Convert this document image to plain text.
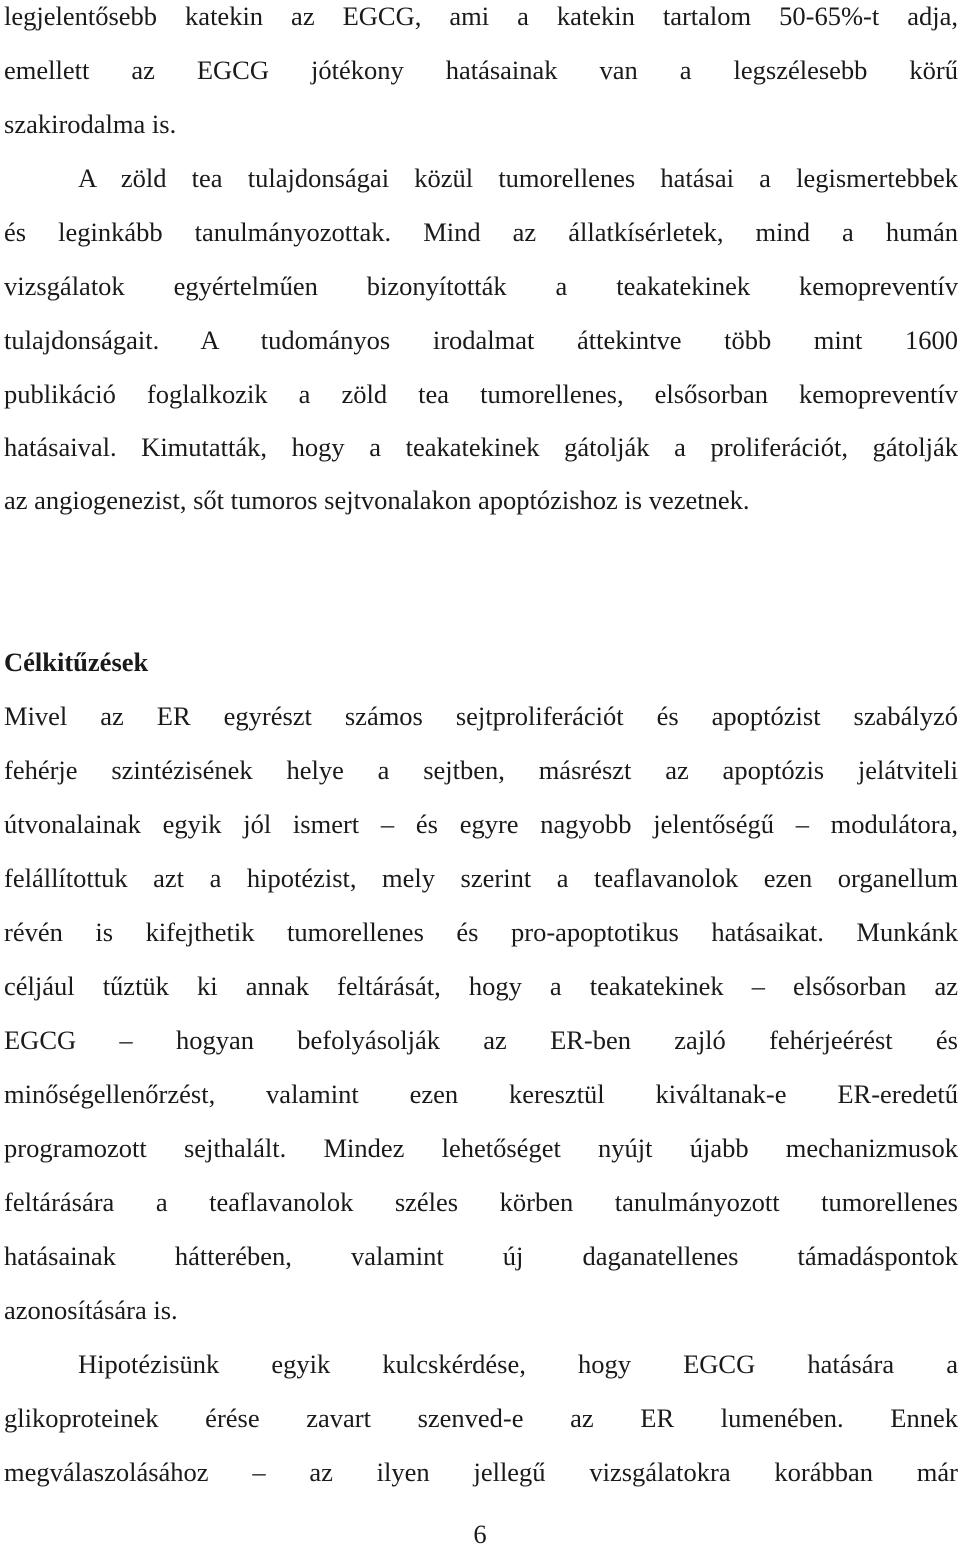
legjelentősebb katekin az EGCG, ami a katekin tartalom 50-65%-t adja,
emellett az EGCG jótékony hatásainak van a legszélesebb körű
szakirodalma is.
A zöld tea tulajdonságai közül tumorellenes hatásai a legismertebbek
és leginkább tanulmányozottak. Mind az állatkísérletek, mind a humán
vizsgálatok egyértelműen bizonyították a teakatekinek kemopreventív
tulajdonságait. A tudományos irodalmat áttekintve több mint 1600
publikáció foglalkozik a zöld tea tumorellenes, elsősorban kemopreventív
hatásaival. Kimutatták, hogy a teakatekinek gátolják a proliferációt, gátolják
az angiogenezist, sőt tumoros sejtvonalakon apoptózishoz is vezetnek.
Célkitűzések
Mivel az ER egyrészt számos sejtproliferációt és apoptózist szabályzó
fehérje szintézisének helye a sejtben, másrészt az apoptózis jelátviteli
útvonalainak egyik jól ismert – és egyre nagyobb jelentőségű – modulátora,
felállítottuk azt a hipotézist, mely szerint a teaflavanolok ezen organellum
révén is kifejthetik tumorellenes és pro-apoptotikus hatásaikat. Munkánk
céljául tűztük ki annak feltárását, hogy a teakatekinek – elsősorban az
EGCG – hogyan befolyásolják az ER-ben zajló fehérjeérést és
minőségellenőrzést, valamint ezen keresztül kiváltanak-e ER-eredetű
programozott sejthalált. Mindez lehetőséget nyújt újabb mechanizmusok
feltárására a teaflavanolok széles körben tanulmányozott tumorellenes
hatásainak hátterében, valamint új daganatellenes támadáspontok
azonosítására is.
Hipotézisünk egyik kulcskérdése, hogy EGCG hatására a
glikoproteinek érése zavart szenved-e az ER lumenében. Ennek
megválaszolásához – az ilyen jellegű vizsgálatokra korábban már
6
